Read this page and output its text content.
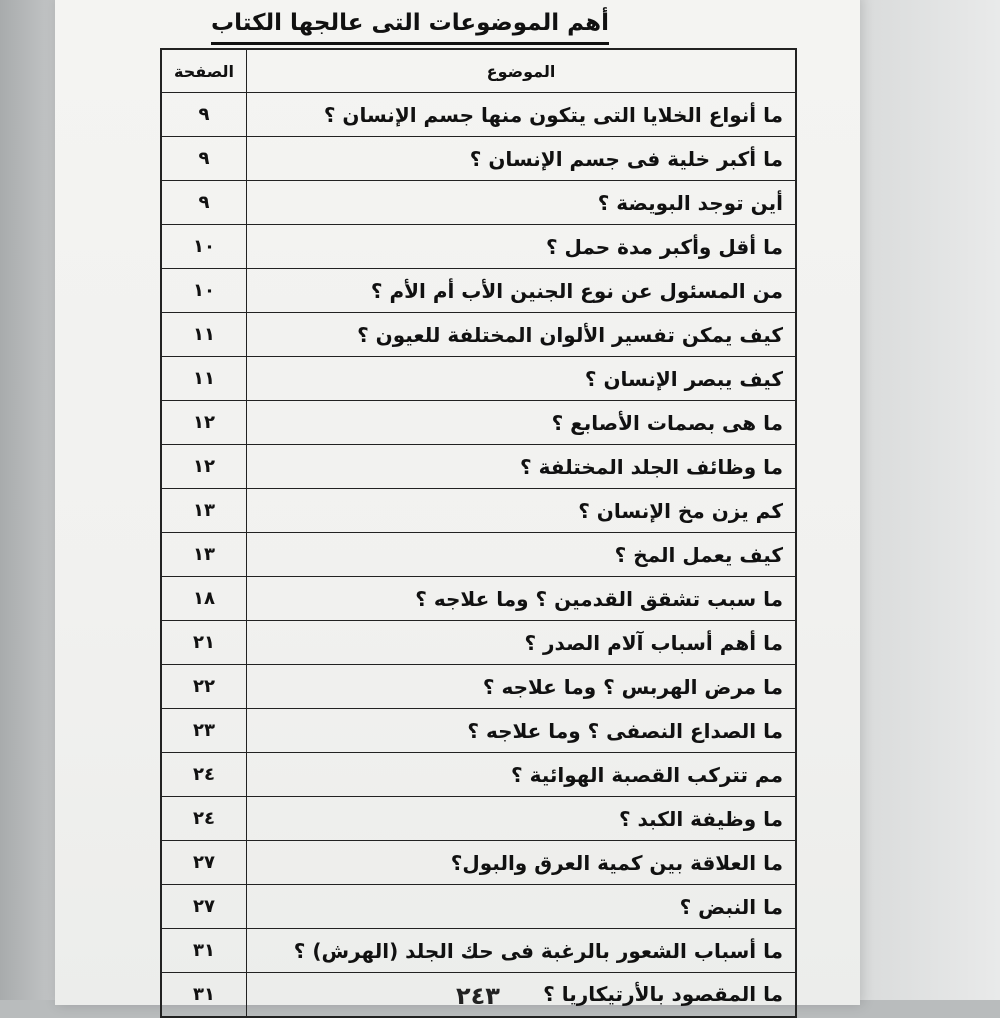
أهم الموضوعات التى عالجها الكتاب
الموضوع	الصفحة
ما أنواع الخلايا التى يتكون منها جسم الإنسان ؟	٩
ما أكبر خلية فى جسم الإنسان ؟	٩
أين توجد البويضة ؟	٩
ما أقل وأكبر مدة حمل ؟	١٠
من المسئول عن نوع الجنين الأب أم الأم ؟	١٠
كيف يمكن تفسير الألوان المختلفة للعيون ؟	١١
كيف يبصر الإنسان ؟	١١
ما هى بصمات الأصابع ؟	١٢
ما وظائف الجلد المختلفة ؟	١٢
كم يزن مخ الإنسان ؟	١٣
كيف يعمل المخ ؟	١٣
ما سبب تشقق القدمين ؟ وما علاجه ؟	١٨
ما أهم أسباب آلام الصدر ؟	٢١
ما مرض الهربس ؟ وما علاجه ؟	٢٢
ما الصداع النصفى ؟ وما علاجه ؟	٢٣
مم تتركب القصبة الهوائية ؟	٢٤
ما وظيفة الكبد ؟	٢٤
ما العلاقة بين كمية العرق والبول؟	٢٧
ما النبض ؟	٢٧
ما أسباب الشعور بالرغبة فى حك الجلد (الهرش) ؟	٣١
ما المقصود بالأرتيكاريا ؟	٣١	٢٤٣
